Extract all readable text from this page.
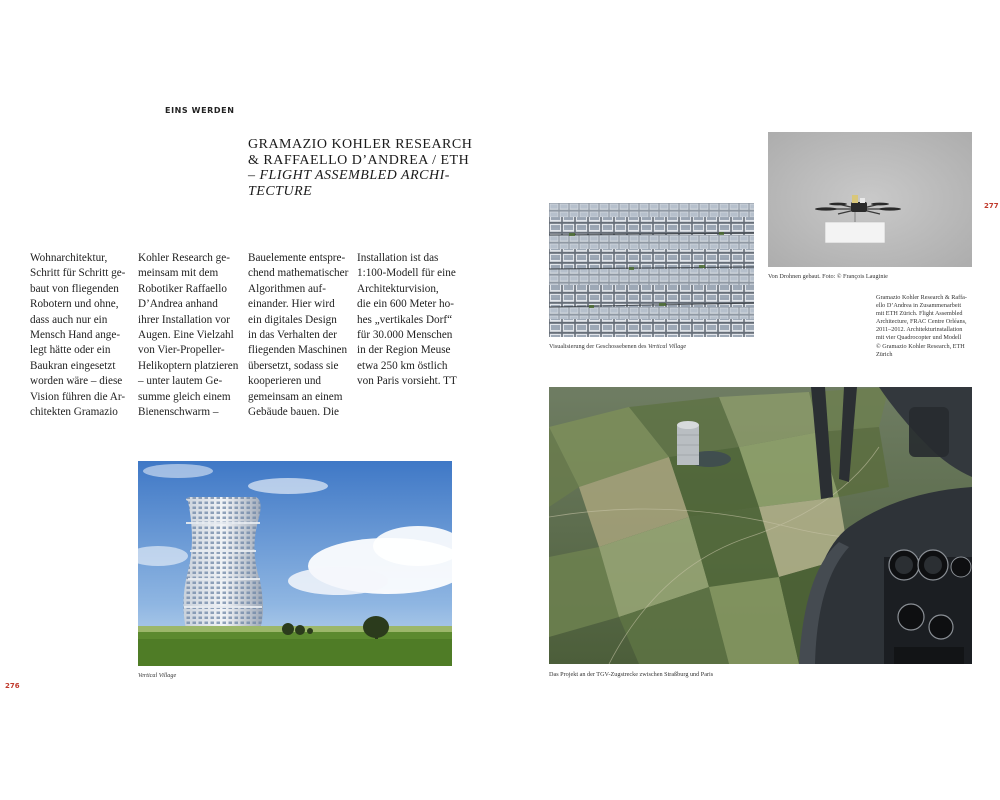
EINS WERDEN
GRAMAZIO KOHLER RESEARCH
& RAFFAELLO D’ANDREA / ETH
– FLIGHT ASSEMBLED ARCHI-
TECTURE
Wohnarchitektur,
Schritt für Schritt ge-
baut von fliegenden
Robotern und ohne,
dass auch nur ein
Mensch Hand ange-
legt hätte oder ein
Baukran eingesetzt
worden wäre – diese
Vision führen die Ar-
chitekten Gramazio
Kohler Research ge-
meinsam mit dem
Robotiker Raffaello
D’Andrea anhand
ihrer Installation vor
Augen. Eine Vielzahl
von Vier-Propeller-
Helikoptern platzieren
– unter lautem Ge-
summe gleich einem
Bienenschwarm –
Bauelemente entspre-
chend mathematischer
Algorithmen auf-
einander. Hier wird
ein digitales Design
in das Verhalten der
fliegenden Maschinen
übersetzt, sodass sie
kooperieren und
gemeinsam an einem
Gebäude bauen. Die
Installation ist das
1:100-Modell für eine
Architekturvision,
die ein 600 Meter ho-
hes „vertikales Dorf“
für 30.000 Menschen
in der Region Meuse
etwa 250 km östlich
von Paris vorsieht. TT
Vertical Village
Visualisierung der Geschossebenen des Vertical Village
Von Drohnen gebaut. Foto: © François Lauginie
Gramazio Kohler Research & Raffa-
ello D’Andrea in Zusammenarbeit
mit ETH Zürich. Flight Assembled
Architecture, FRAC Centre Orléans,
2011–2012. Architekturinstallation
mit vier Quadrocopter und Modell
© Gramazio Kohler Research, ETH
Zürich
Das Projekt an der TGV-Zugstrecke zwischen Straßburg und Paris
276
277
